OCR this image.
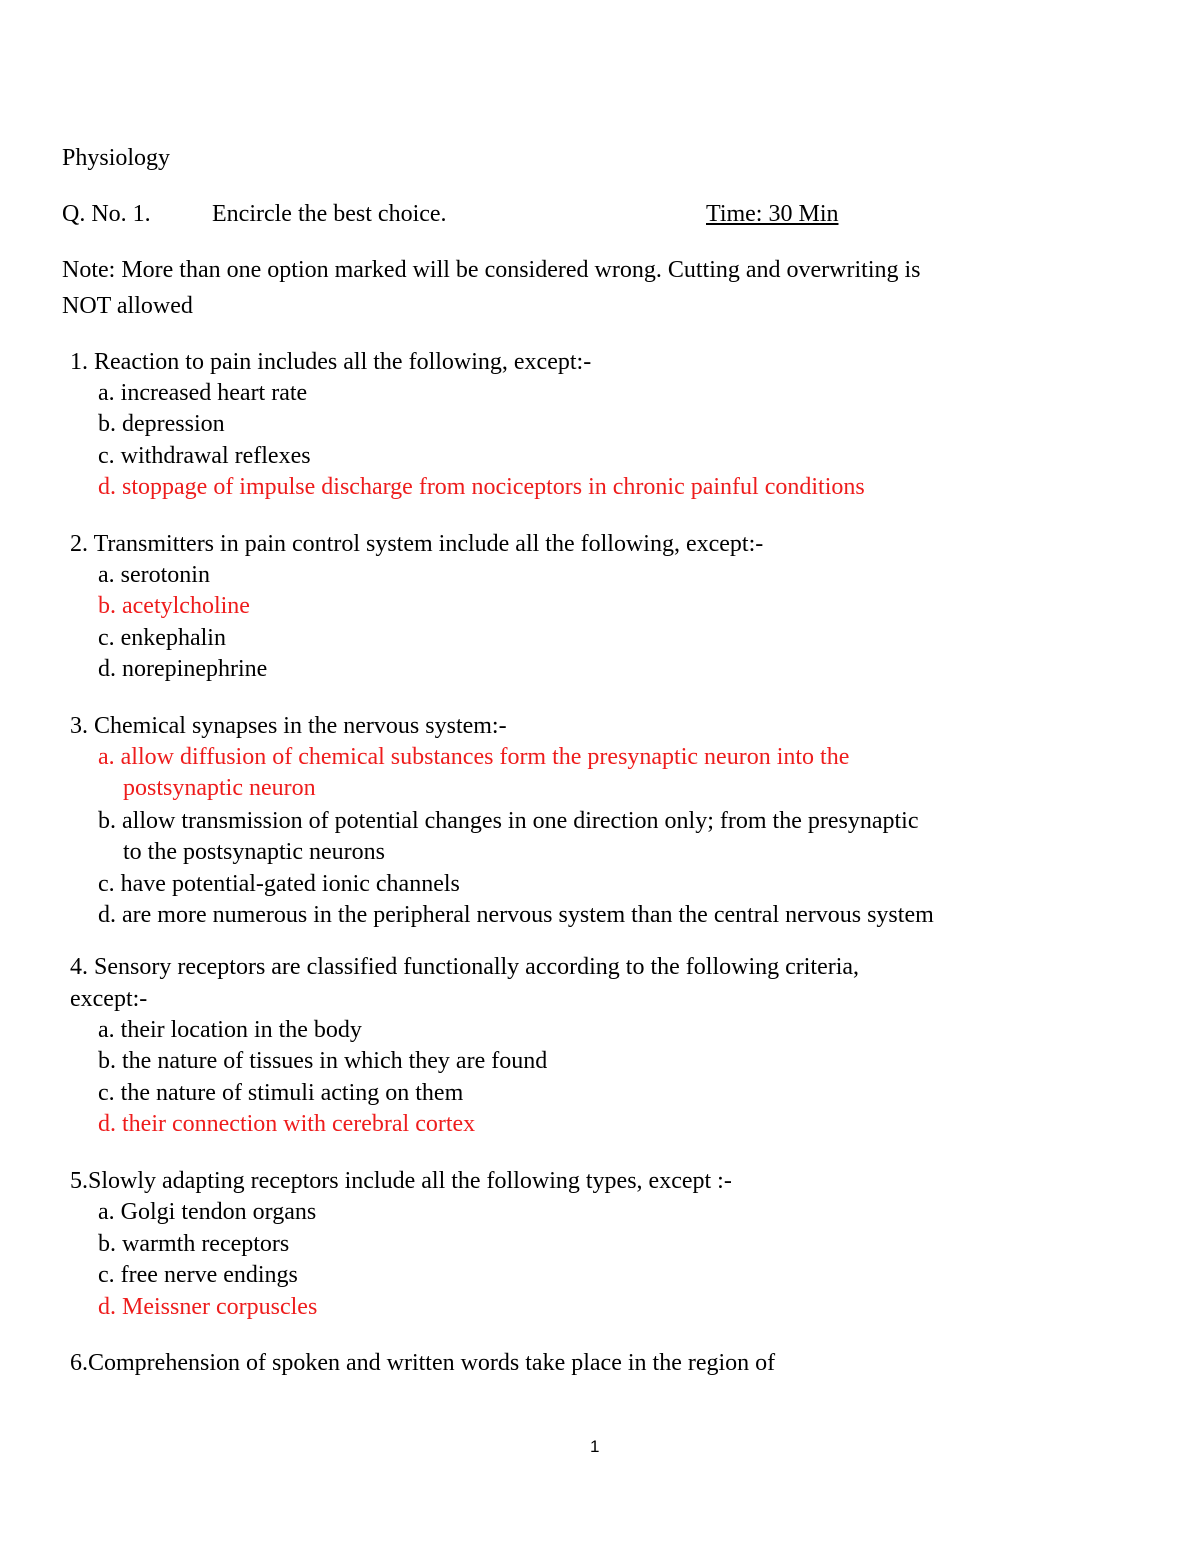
Physiology
Q. No. 1.	Encircle the best choice.	Time: 30 Min
Note: More than one option marked will be considered wrong. Cutting and overwriting is
NOT allowed
1. Reaction to pain includes all the following, except:-
a. increased heart rate
b. depression
c. withdrawal reflexes
d. stoppage of impulse discharge from nociceptors in chronic painful conditions
2. Transmitters in pain control system include all the following, except:-
a. serotonin
b. acetylcholine
c. enkephalin
d. norepinephrine
3. Chemical synapses in the nervous system:-
a. allow diffusion of chemical substances form the presynaptic neuron into the
postsynaptic neuron
b. allow transmission of potential changes in one direction only; from the presynaptic
to the postsynaptic neurons
c. have potential-gated ionic channels
d. are more numerous in the peripheral nervous system than the central nervous system
4. Sensory receptors are classified functionally according to the following criteria,
except:-
a. their location in the body
b. the nature of tissues in which they are found
c. the nature of stimuli acting on them
d. their connection with cerebral cortex
5.Slowly adapting receptors include all the following types, except :-
a. Golgi tendon organs
b. warmth receptors
c. free nerve endings
d. Meissner corpuscles
6.Comprehension of spoken and written words take place in the region of
1
